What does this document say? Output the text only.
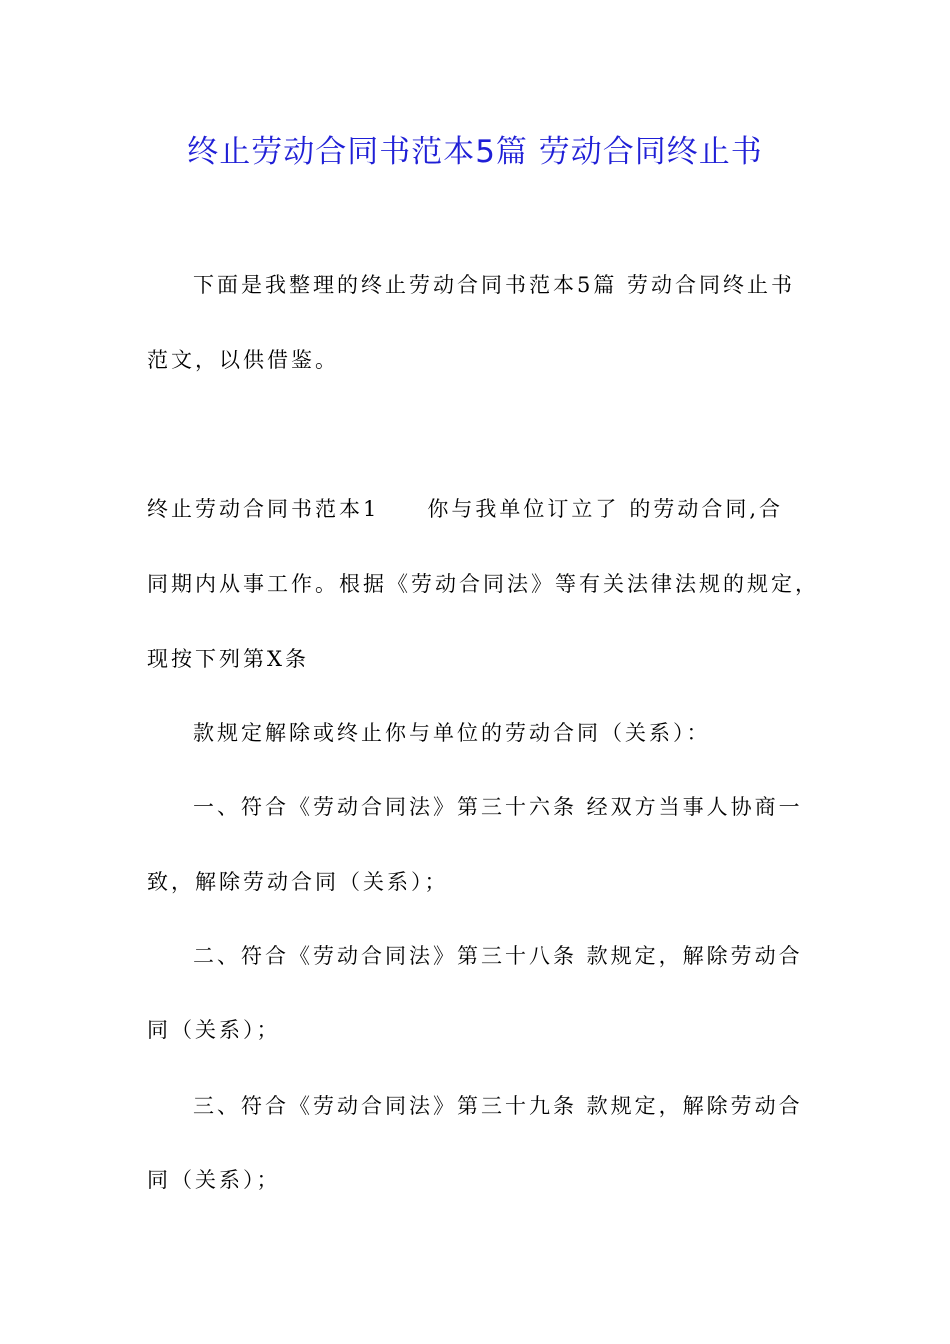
终止劳动合同书范本5篇 劳动合同终止书

下面是我整理的终止劳动合同书范本5篇 劳动合同终止书

范文，以供借鉴。

终止劳动合同书范本1 你与我单位订立了 的劳动合同,合

同期内从事工作。根据《劳动合同法》等有关法律法规的规定，

现按下列第X条

款规定解除或终止你与单位的劳动合同（关系）：

一、符合《劳动合同法》第三十六条 经双方当事人协商一

致，解除劳动合同（关系）；

二、符合《劳动合同法》第三十八条 款规定，解除劳动合

同（关系）；

三、符合《劳动合同法》第三十九条 款规定，解除劳动合

同（关系）；
